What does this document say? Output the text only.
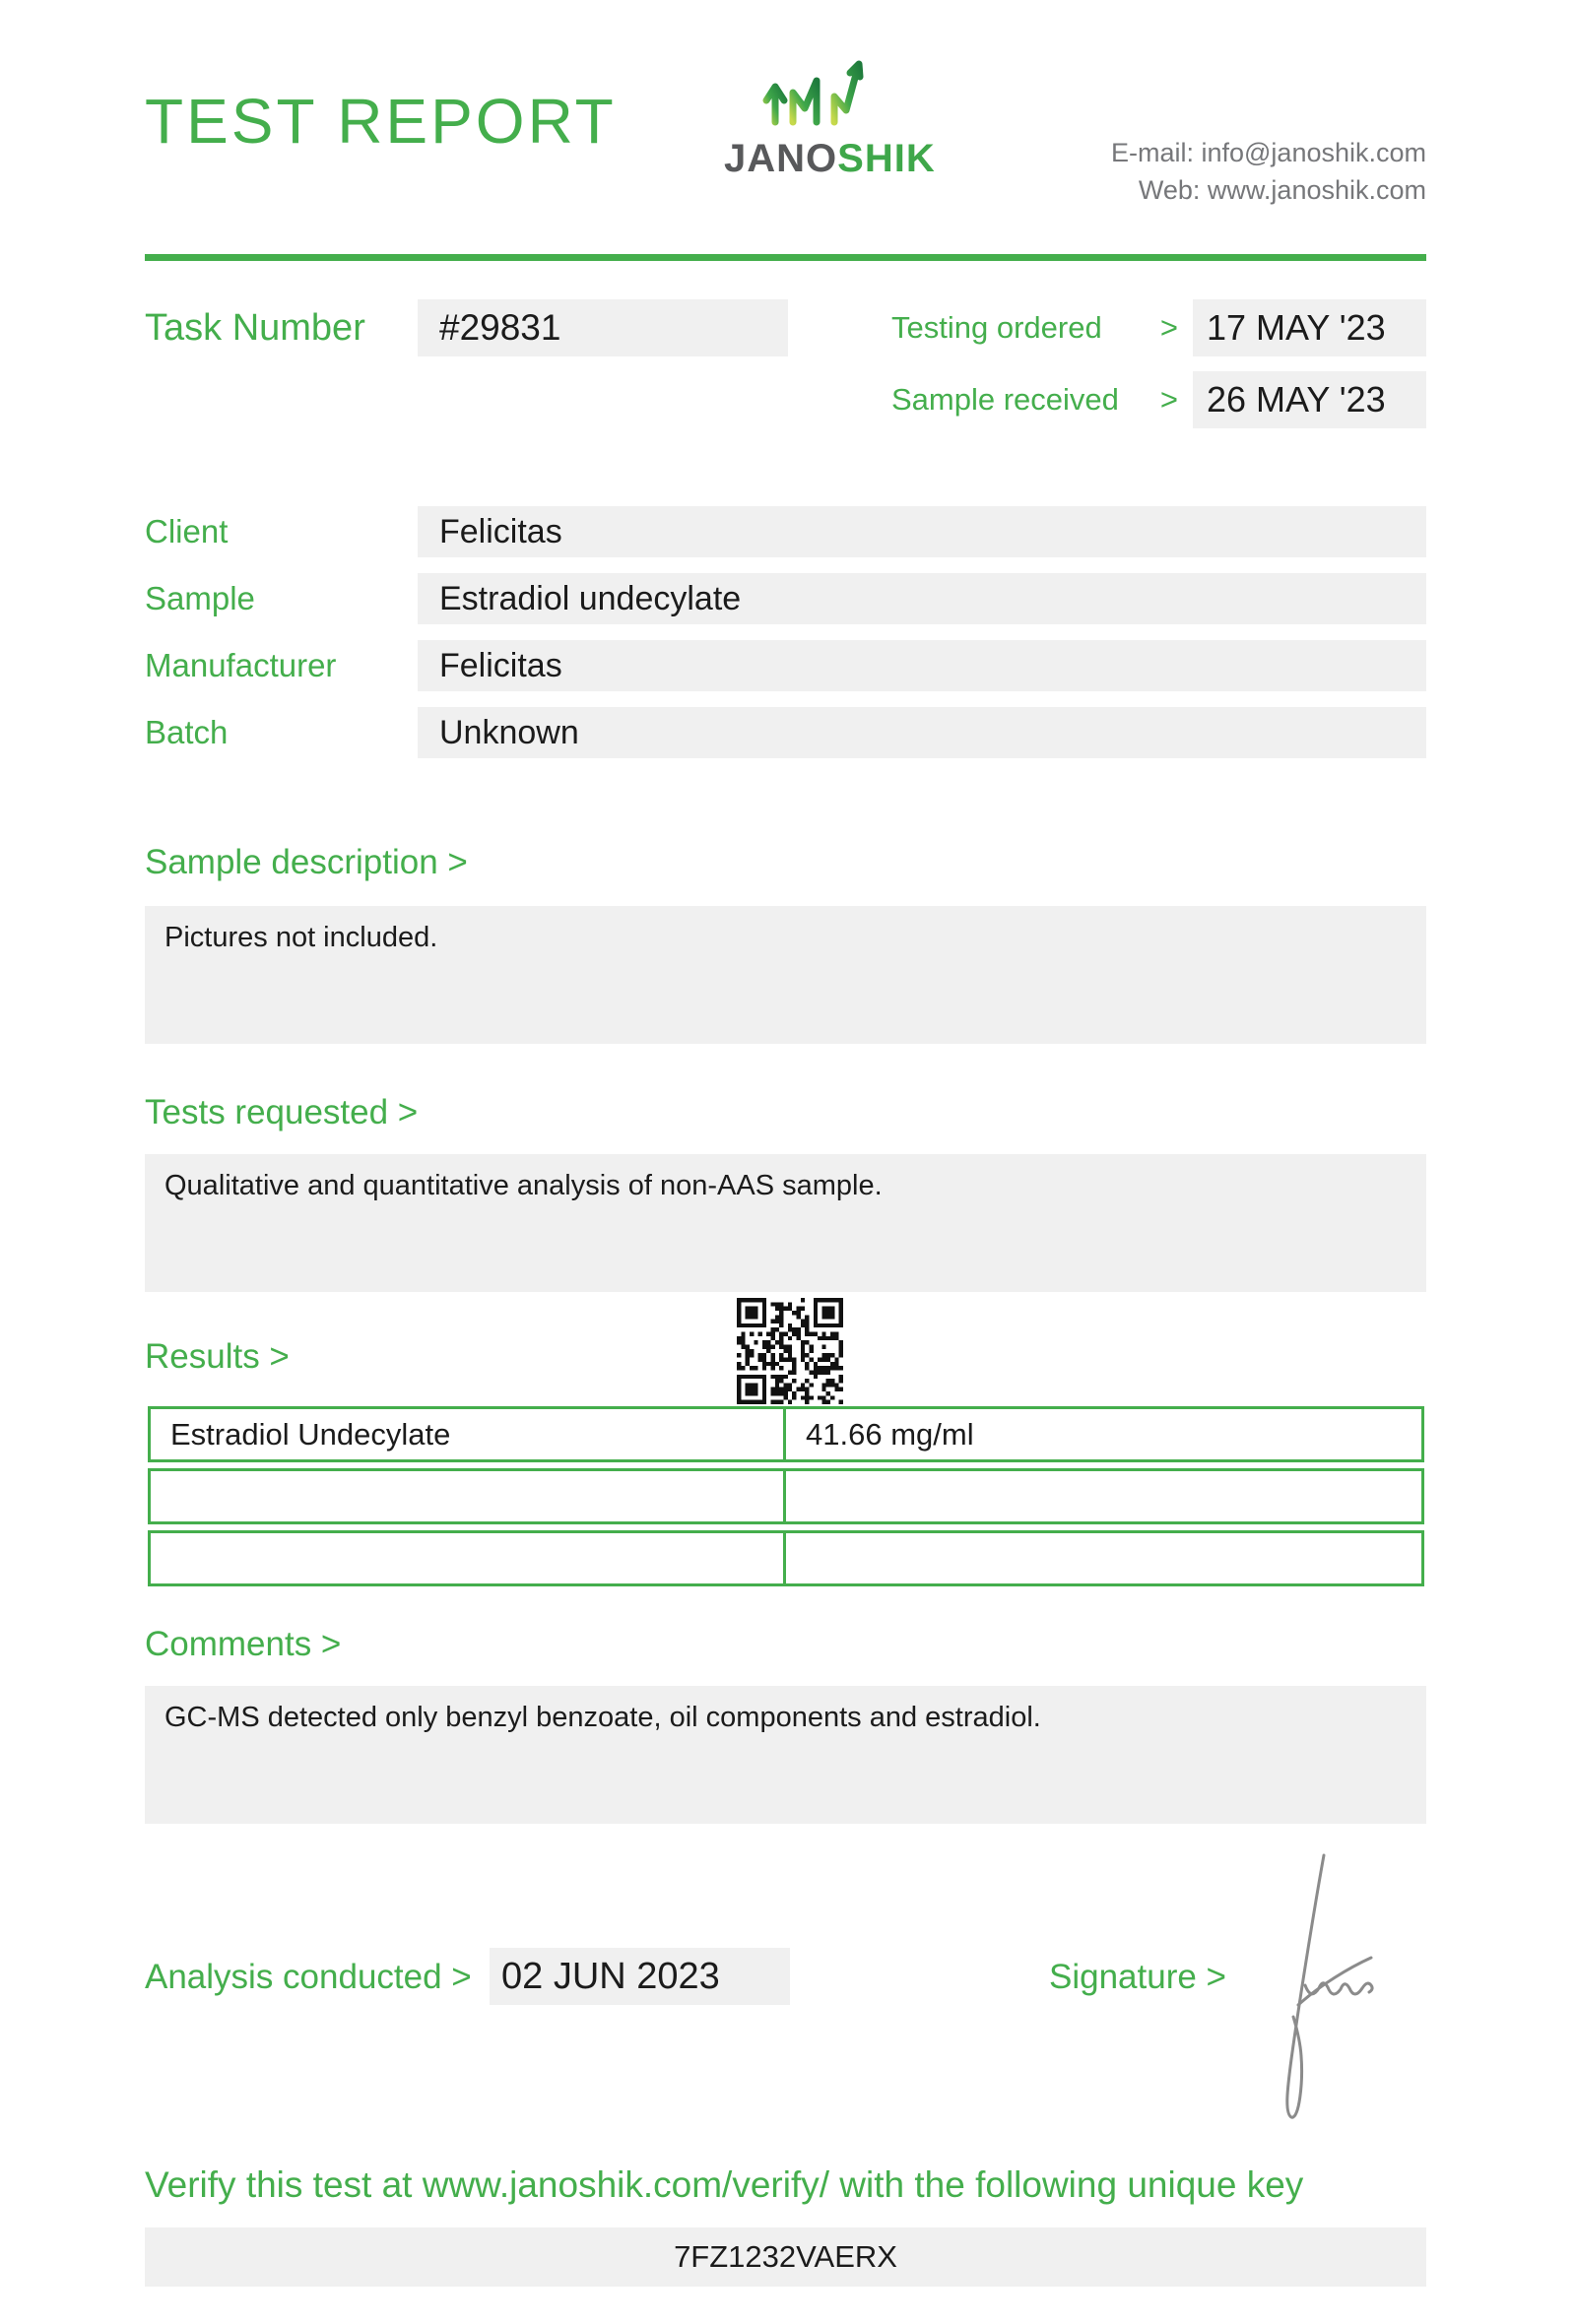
TEST REPORT
JANOSHIK	E-mail: info@janoshik.com
Web: www.janoshik.com
Task Number	#29831	Testing ordered	> 17 MAY '23
Sample received	> 26 MAY '23
Client	Felicitas
Sample	Estradiol undecylate
Manufacturer	Felicitas
Batch	Unknown
Sample description >
Pictures not included.
Tests requested >
Qualitative and quantitative analysis of non-AAS sample.
Results >
Estradiol Undecylate	41.66 mg/ml
Comments >
GC-MS detected only benzyl benzoate, oil components and estradiol.
Analysis conducted > 02 JUN 2023	Signature >
Verify this test at www.janoshik.com/verify/ with the following unique key
7FZ1232VAERX
